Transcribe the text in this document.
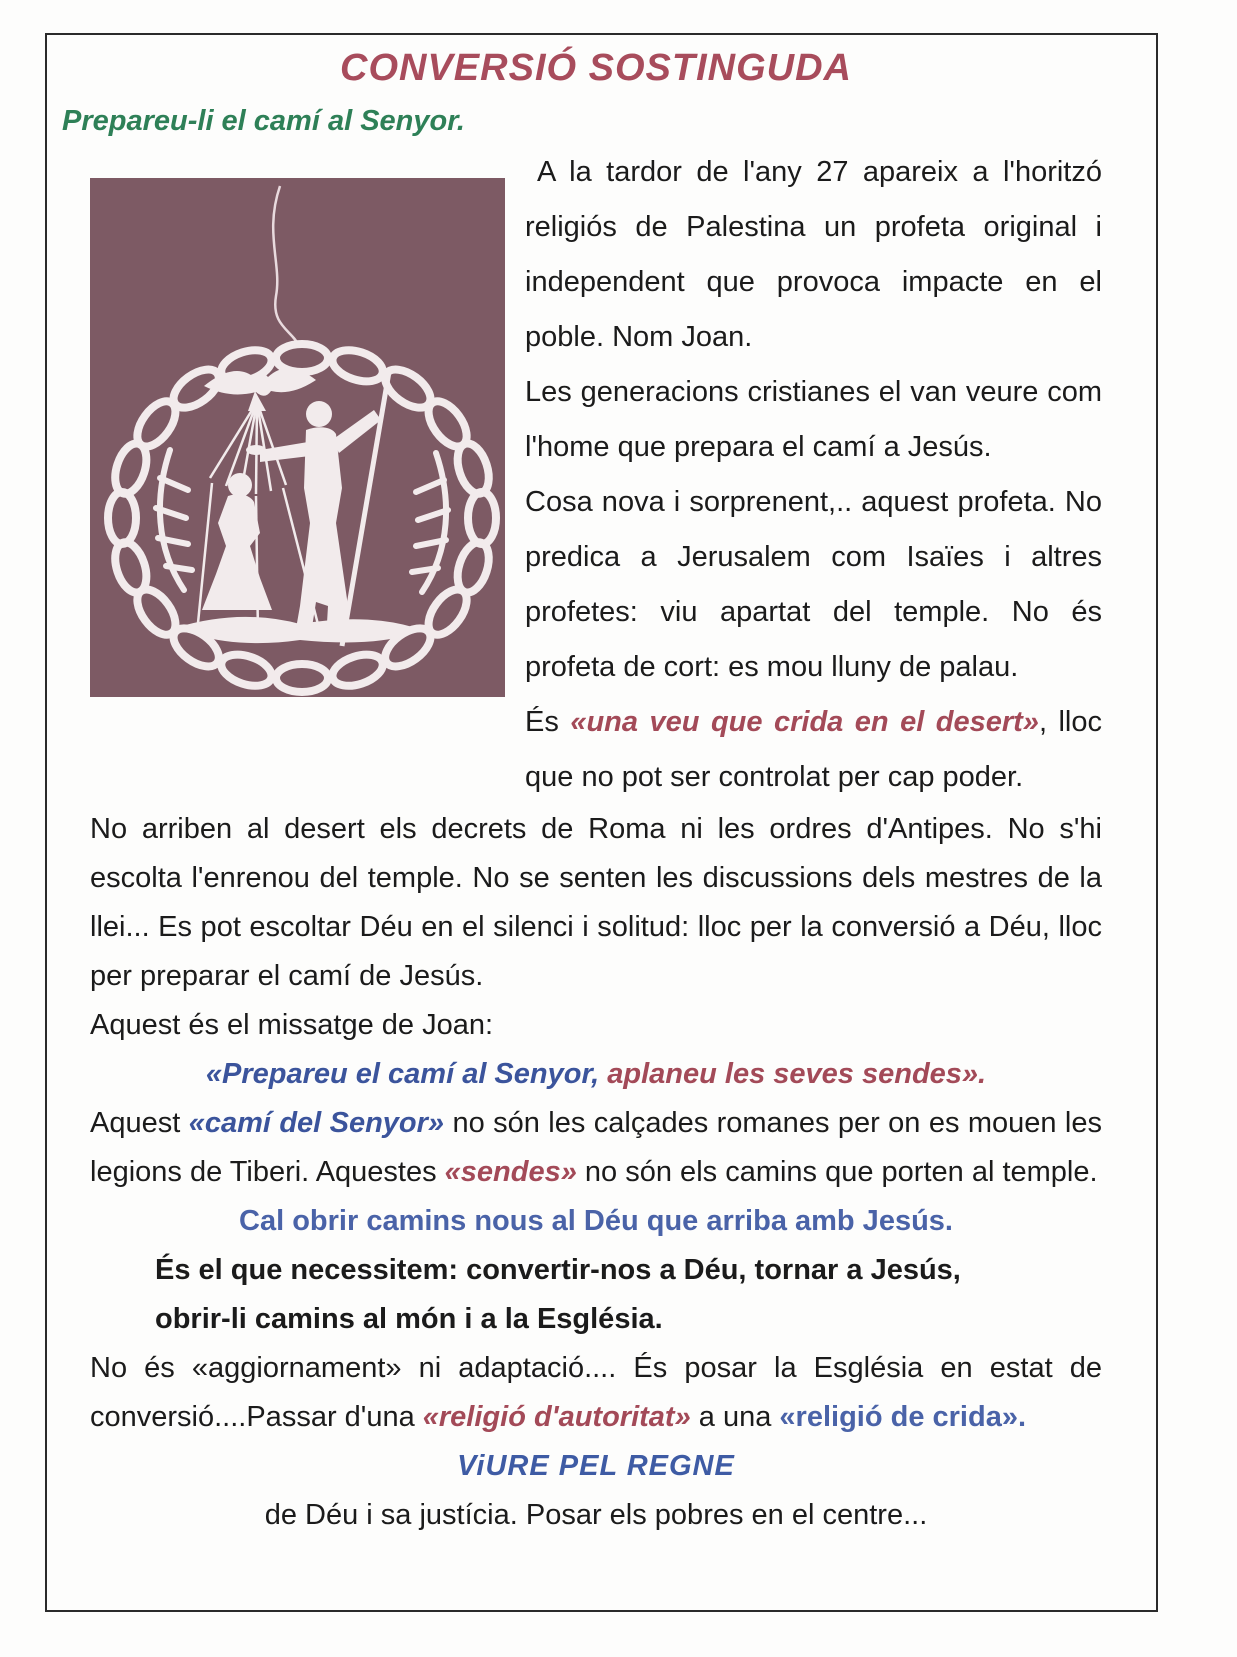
CONVERSIÓ SOSTINGUDA

Prepareu-li el camí al Senyor.

A la tardor de l'any 27 apareix a l'horitzó religiós de Palestina un profeta original i independent que provoca impacte en el poble. Nom Joan.

Les generacions cristianes el van veure com l'home que prepara el camí a Jesús.

Cosa nova i sorprenent,.. aquest profeta. No predica a Jerusalem com Isaïes i altres profetes: viu apartat del temple. No és profeta de cort: es mou lluny de palau.

És «una veu que crida en el desert», lloc que no pot ser controlat per cap poder.

No arriben al desert els decrets de Roma ni les ordres d'Antipes. No s'hi escolta l'enrenou del temple. No se senten les discussions dels mestres de la llei... Es pot escoltar Déu en el silenci i solitud: lloc per la conversió a Déu, lloc per preparar el camí de Jesús.

Aquest és el missatge de Joan:

«Prepareu el camí al Senyor, aplaneu les seves sendes».

Aquest «camí del Senyor» no són les calçades romanes per on es mouen les legions de Tiberi. Aquestes «sendes» no són els camins que porten al temple.

Cal obrir camins nous al Déu que arriba amb Jesús.

És el que necessitem: convertir-nos a Déu, tornar a Jesús,

obrir-li camins al món i a la Església.

No és «aggiornament» ni adaptació.... És posar la Església en estat de conversió....Passar d'una «religió d'autoritat» a una «religió de crida».

ViURE PEL REGNE

de Déu i sa justícia. Posar els pobres en el centre...
